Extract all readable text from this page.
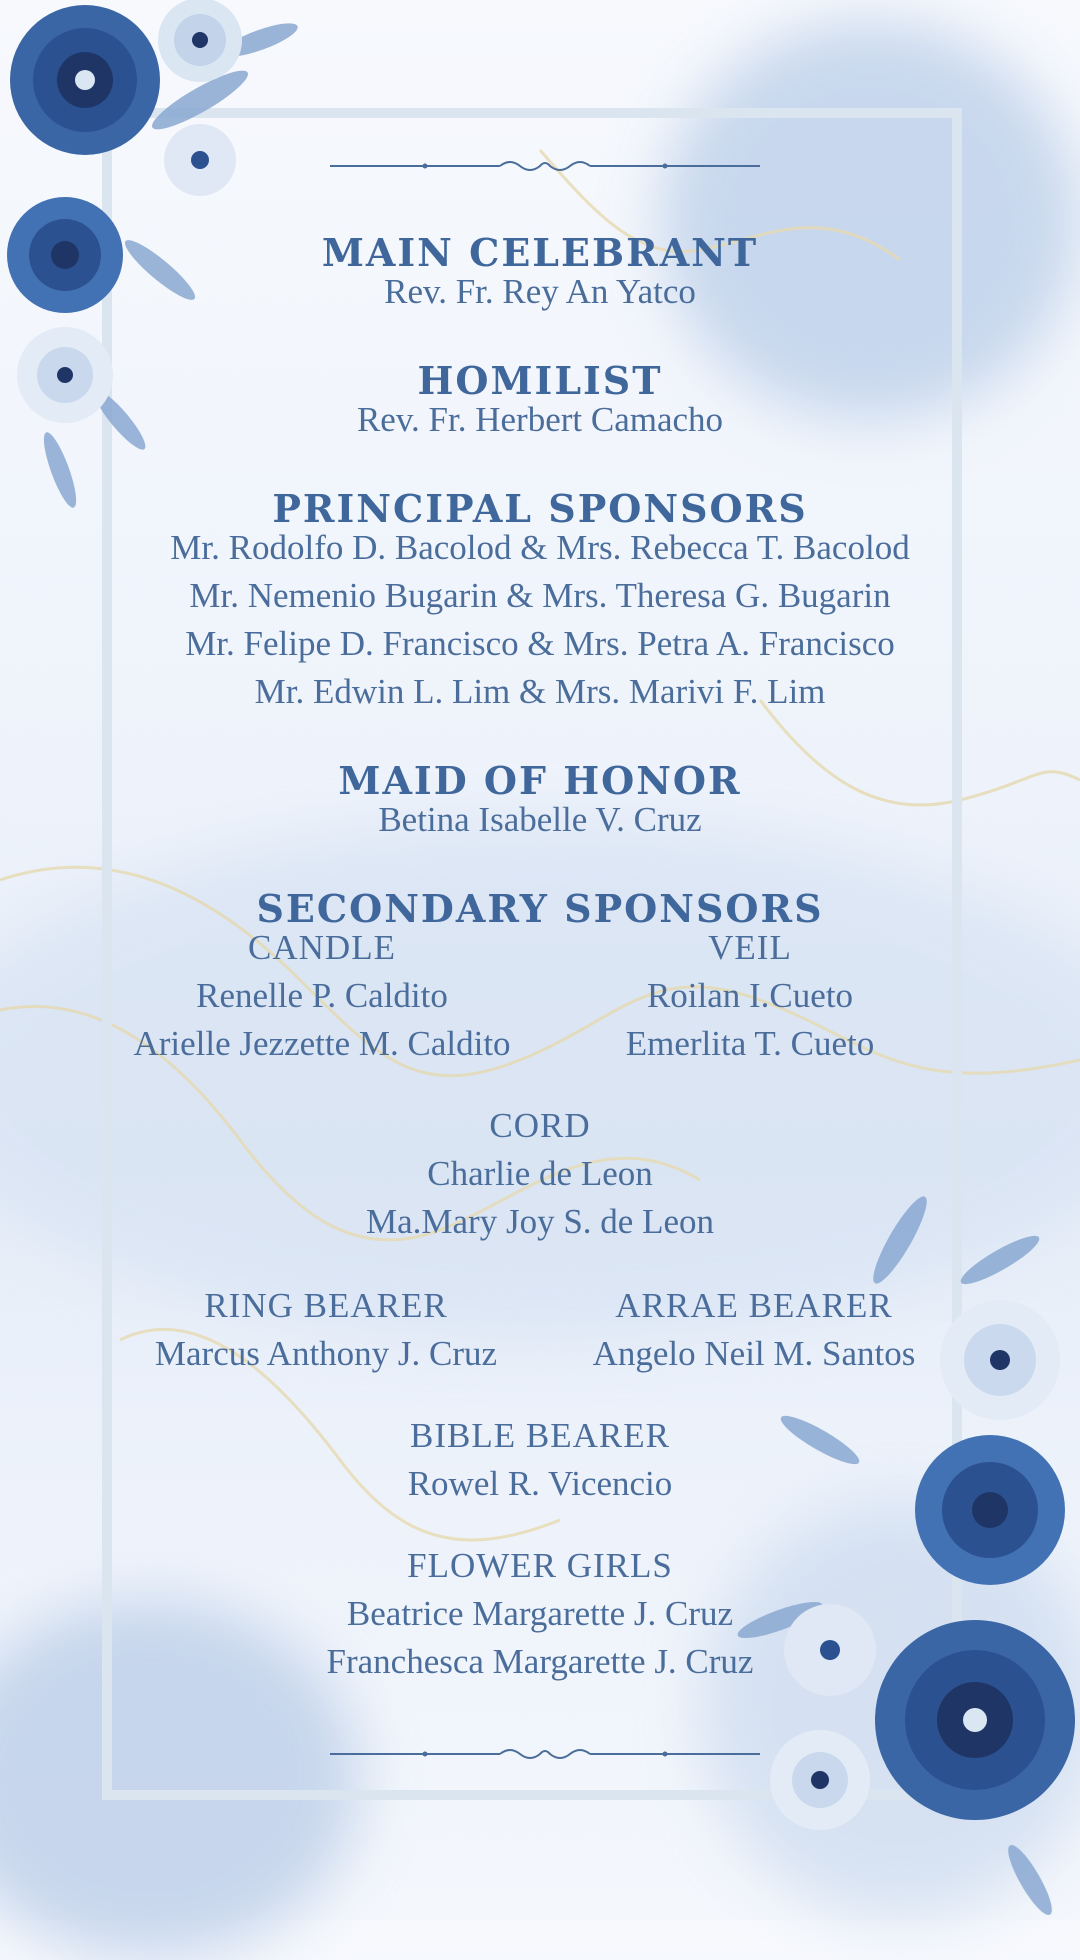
MAIN CELEBRANT
Rev. Fr. Rey An Yatco
HOMILIST
Rev. Fr. Herbert Camacho
PRINCIPAL SPONSORS
Mr. Rodolfo D. Bacolod & Mrs. Rebecca T. Bacolod
Mr. Nemenio Bugarin & Mrs. Theresa G. Bugarin
Mr. Felipe D. Francisco & Mrs. Petra A. Francisco
Mr. Edwin L. Lim & Mrs. Marivi F. Lim
MAID OF HONOR
Betina Isabelle V. Cruz
SECONDARY SPONSORS
CANDLE
Renelle P. Caldito
Arielle Jezzette M. Caldito
VEIL
Roilan I.Cueto
Emerlita T. Cueto
CORD
Charlie de Leon
Ma.Mary Joy S. de Leon
RING BEARER
Marcus Anthony J. Cruz
ARRAE BEARER
Angelo Neil M. Santos
BIBLE BEARER
Rowel R. Vicencio
FLOWER GIRLS
Beatrice Margarette J. Cruz
Franchesca Margarette J. Cruz
